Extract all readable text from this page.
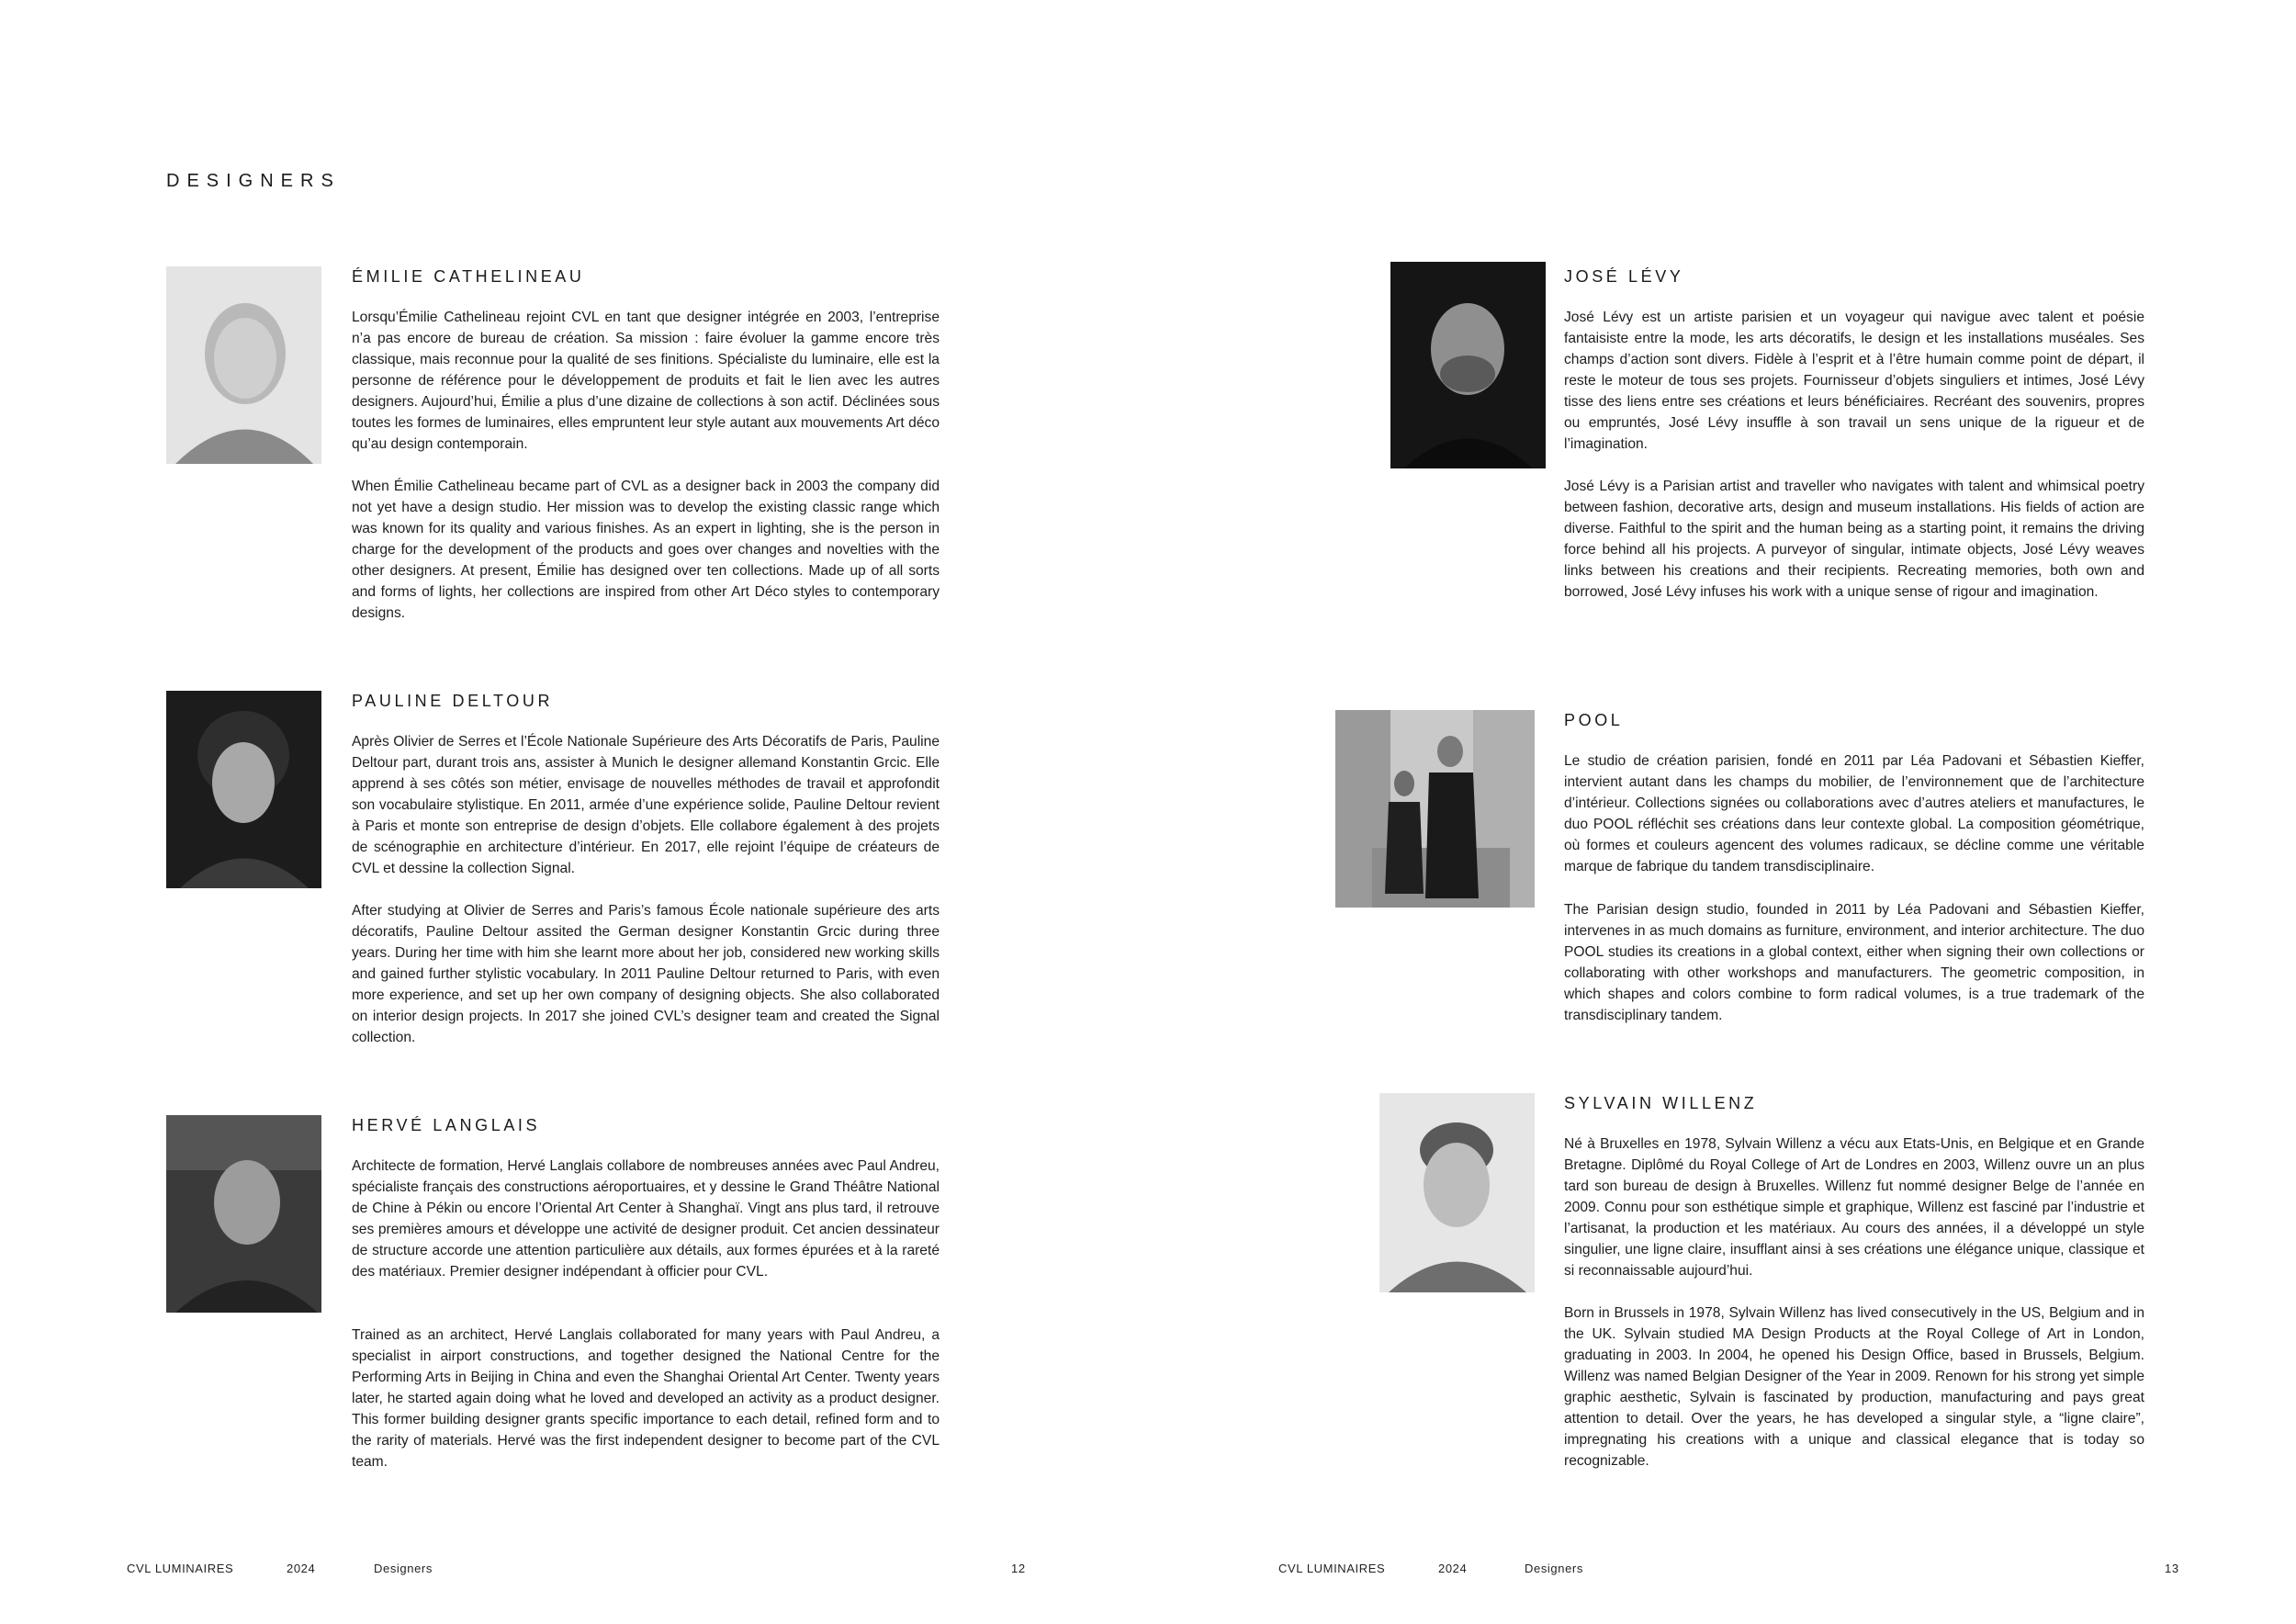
DESIGNERS
ÉMILIE CATHELINEAU

Lorsqu’Émilie Cathelineau rejoint CVL en tant que designer intégrée en 2003, l’entreprise n’a pas encore de bureau de création. Sa mission : faire évoluer la gamme encore très classique, mais reconnue pour la qualité de ses finitions. Spécialiste du luminaire, elle est la personne de référence pour le développement de produits et fait le lien avec les autres designers. Aujourd’hui, Émilie a plus d’une dizaine de collections à son actif. Déclinées sous toutes les formes de luminaires, elles empruntent leur style autant aux mouvements Art déco qu’au design contemporain.

When Émilie Cathelineau became part of CVL as a designer back in 2003 the company did not yet have a design studio. Her mission was to develop the existing classic range which was known for its quality and various finishes. As an expert in lighting, she is the person in charge for the development of the products and goes over changes and novelties with the other designers. At present, Émilie has designed over ten collections. Made up of all sorts and forms of lights, her collections are inspired from other Art Déco styles to contemporary designs.

PAULINE DELTOUR

Après Olivier de Serres et l’École Nationale Supérieure des Arts Décoratifs de Paris, Pauline Deltour part, durant trois ans, assister à Munich le designer allemand Konstantin Grcic. Elle apprend à ses côtés son métier, envisage de nouvelles méthodes de travail et approfondit son vocabulaire stylistique. En 2011, armée d’une expérience solide, Pauline Deltour revient à Paris et monte son entreprise de design d’objets. Elle collabore également à des projets de scénographie en architecture d’intérieur. En 2017, elle rejoint l’équipe de créateurs de CVL et dessine la collection Signal.

After studying at Olivier de Serres and Paris’s famous École nationale supérieure des arts décoratifs, Pauline Deltour assited the German designer Konstantin Grcic during three years. During her time with him she learnt more about her job, considered new working skills and gained further stylistic vocabulary. In 2011 Pauline Deltour returned to Paris, with even more experience, and set up her own company of designing objects. She also collaborated on interior design projects. In 2017 she joined CVL’s designer team and created the Signal collection.

HERVÉ LANGLAIS

Architecte de formation, Hervé Langlais collabore de nombreuses années avec Paul Andreu, spécialiste français des constructions aéroportuaires, et y dessine le Grand Théâtre National de Chine à Pékin ou encore l’Oriental Art Center à Shanghaï. Vingt ans plus tard, il retrouve ses premières amours et développe une activité de designer produit. Cet ancien dessinateur de structure accorde une attention particulière aux détails, aux formes épurées et à la rareté des matériaux. Premier designer indépendant à officier pour CVL.

Trained as an architect, Hervé Langlais collaborated for many years with Paul Andreu, a specialist in airport constructions, and together designed the National Centre for the Performing Arts in Beijing in China and even the Shanghai Oriental Art Center. Twenty years later, he started again doing what he loved and developed an activity as a product designer. This former building designer grants specific importance to each detail, refined form and to the rarity of materials. Hervé was the first independent designer to become part of the CVL team.

JOSÉ LÉVY

José Lévy est un artiste parisien et un voyageur qui navigue avec talent et poésie fantaisiste entre la mode, les arts décoratifs, le design et les installations muséales. Ses champs d’action sont divers. Fidèle à l’esprit et à l’être humain comme point de départ, il reste le moteur de tous ses projets. Fournisseur d’objets singuliers et intimes, José Lévy tisse des liens entre ses créations et leurs bénéficiaires. Recréant des souvenirs, propres ou empruntés, José Lévy insuffle à son travail un sens unique de la rigueur et de l’imagination.

José Lévy is a Parisian artist and traveller who navigates with talent and whimsical poetry between fashion, decorative arts, design and museum installations. His fields of action are diverse. Faithful to the spirit and the human being as a starting point, it remains the driving force behind all his projects. A purveyor of singular, intimate objects, José Lévy weaves links between his creations and their recipients. Recreating memories, both own and borrowed, José Lévy infuses his work with a unique sense of rigour and imagination.

POOL

Le studio de création parisien, fondé en 2011 par Léa Padovani et Sébastien Kieffer, intervient autant dans les champs du mobilier, de l’environnement que de l’architecture d’intérieur. Collections signées ou collaborations avec d’autres ateliers et manufactures, le duo POOL réfléchit ses créations dans leur contexte global. La composition géométrique, où formes et couleurs agencent des volumes radicaux, se décline comme une véritable marque de fabrique du tandem transdisciplinaire.

The Parisian design studio, founded in 2011 by Léa Padovani and Sébastien Kieffer, intervenes in as much domains as furniture, environment, and interior architecture. The duo POOL studies its creations in a global context, either when signing their own collections or collaborating with other workshops and manufacturers. The geometric composition, in which shapes and colors combine to form radical volumes, is a true trademark of the transdisciplinary tandem.

SYLVAIN WILLENZ

Né à Bruxelles en 1978, Sylvain Willenz a vécu aux Etats-Unis, en Belgique et en Grande Bretagne. Diplômé du Royal College of Art de Londres en 2003, Willenz ouvre un an plus tard son bureau de design à Bruxelles. Willenz fut nommé designer Belge de l’année en 2009. Connu pour son esthétique simple et graphique, Willenz est fasciné par l’industrie et l’artisanat, la production et les matériaux. Au cours des années, il a développé un style singulier, une ligne claire, insufflant ainsi à ses créations une élégance unique, classique et si reconnaissable aujourd’hui.

Born in Brussels in 1978, Sylvain Willenz has lived consecutively in the US, Belgium and in the UK. Sylvain studied MA Design Products at the Royal College of Art in London, graduating in 2003. In 2004, he opened his Design Office, based in Brussels, Belgium. Willenz was named Belgian Designer of the Year in 2009. Renown for his strong yet simple graphic aesthetic, Sylvain is fascinated by production, manufacturing and pays great attention to detail. Over the years, he has developed a singular style, a “ligne claire”, impregnating his creations with a unique and classical elegance that is today so recognizable.

CVL LUMINAIRES	2024	Designers	12	CVL LUMINAIRES	2024	Designers	13
